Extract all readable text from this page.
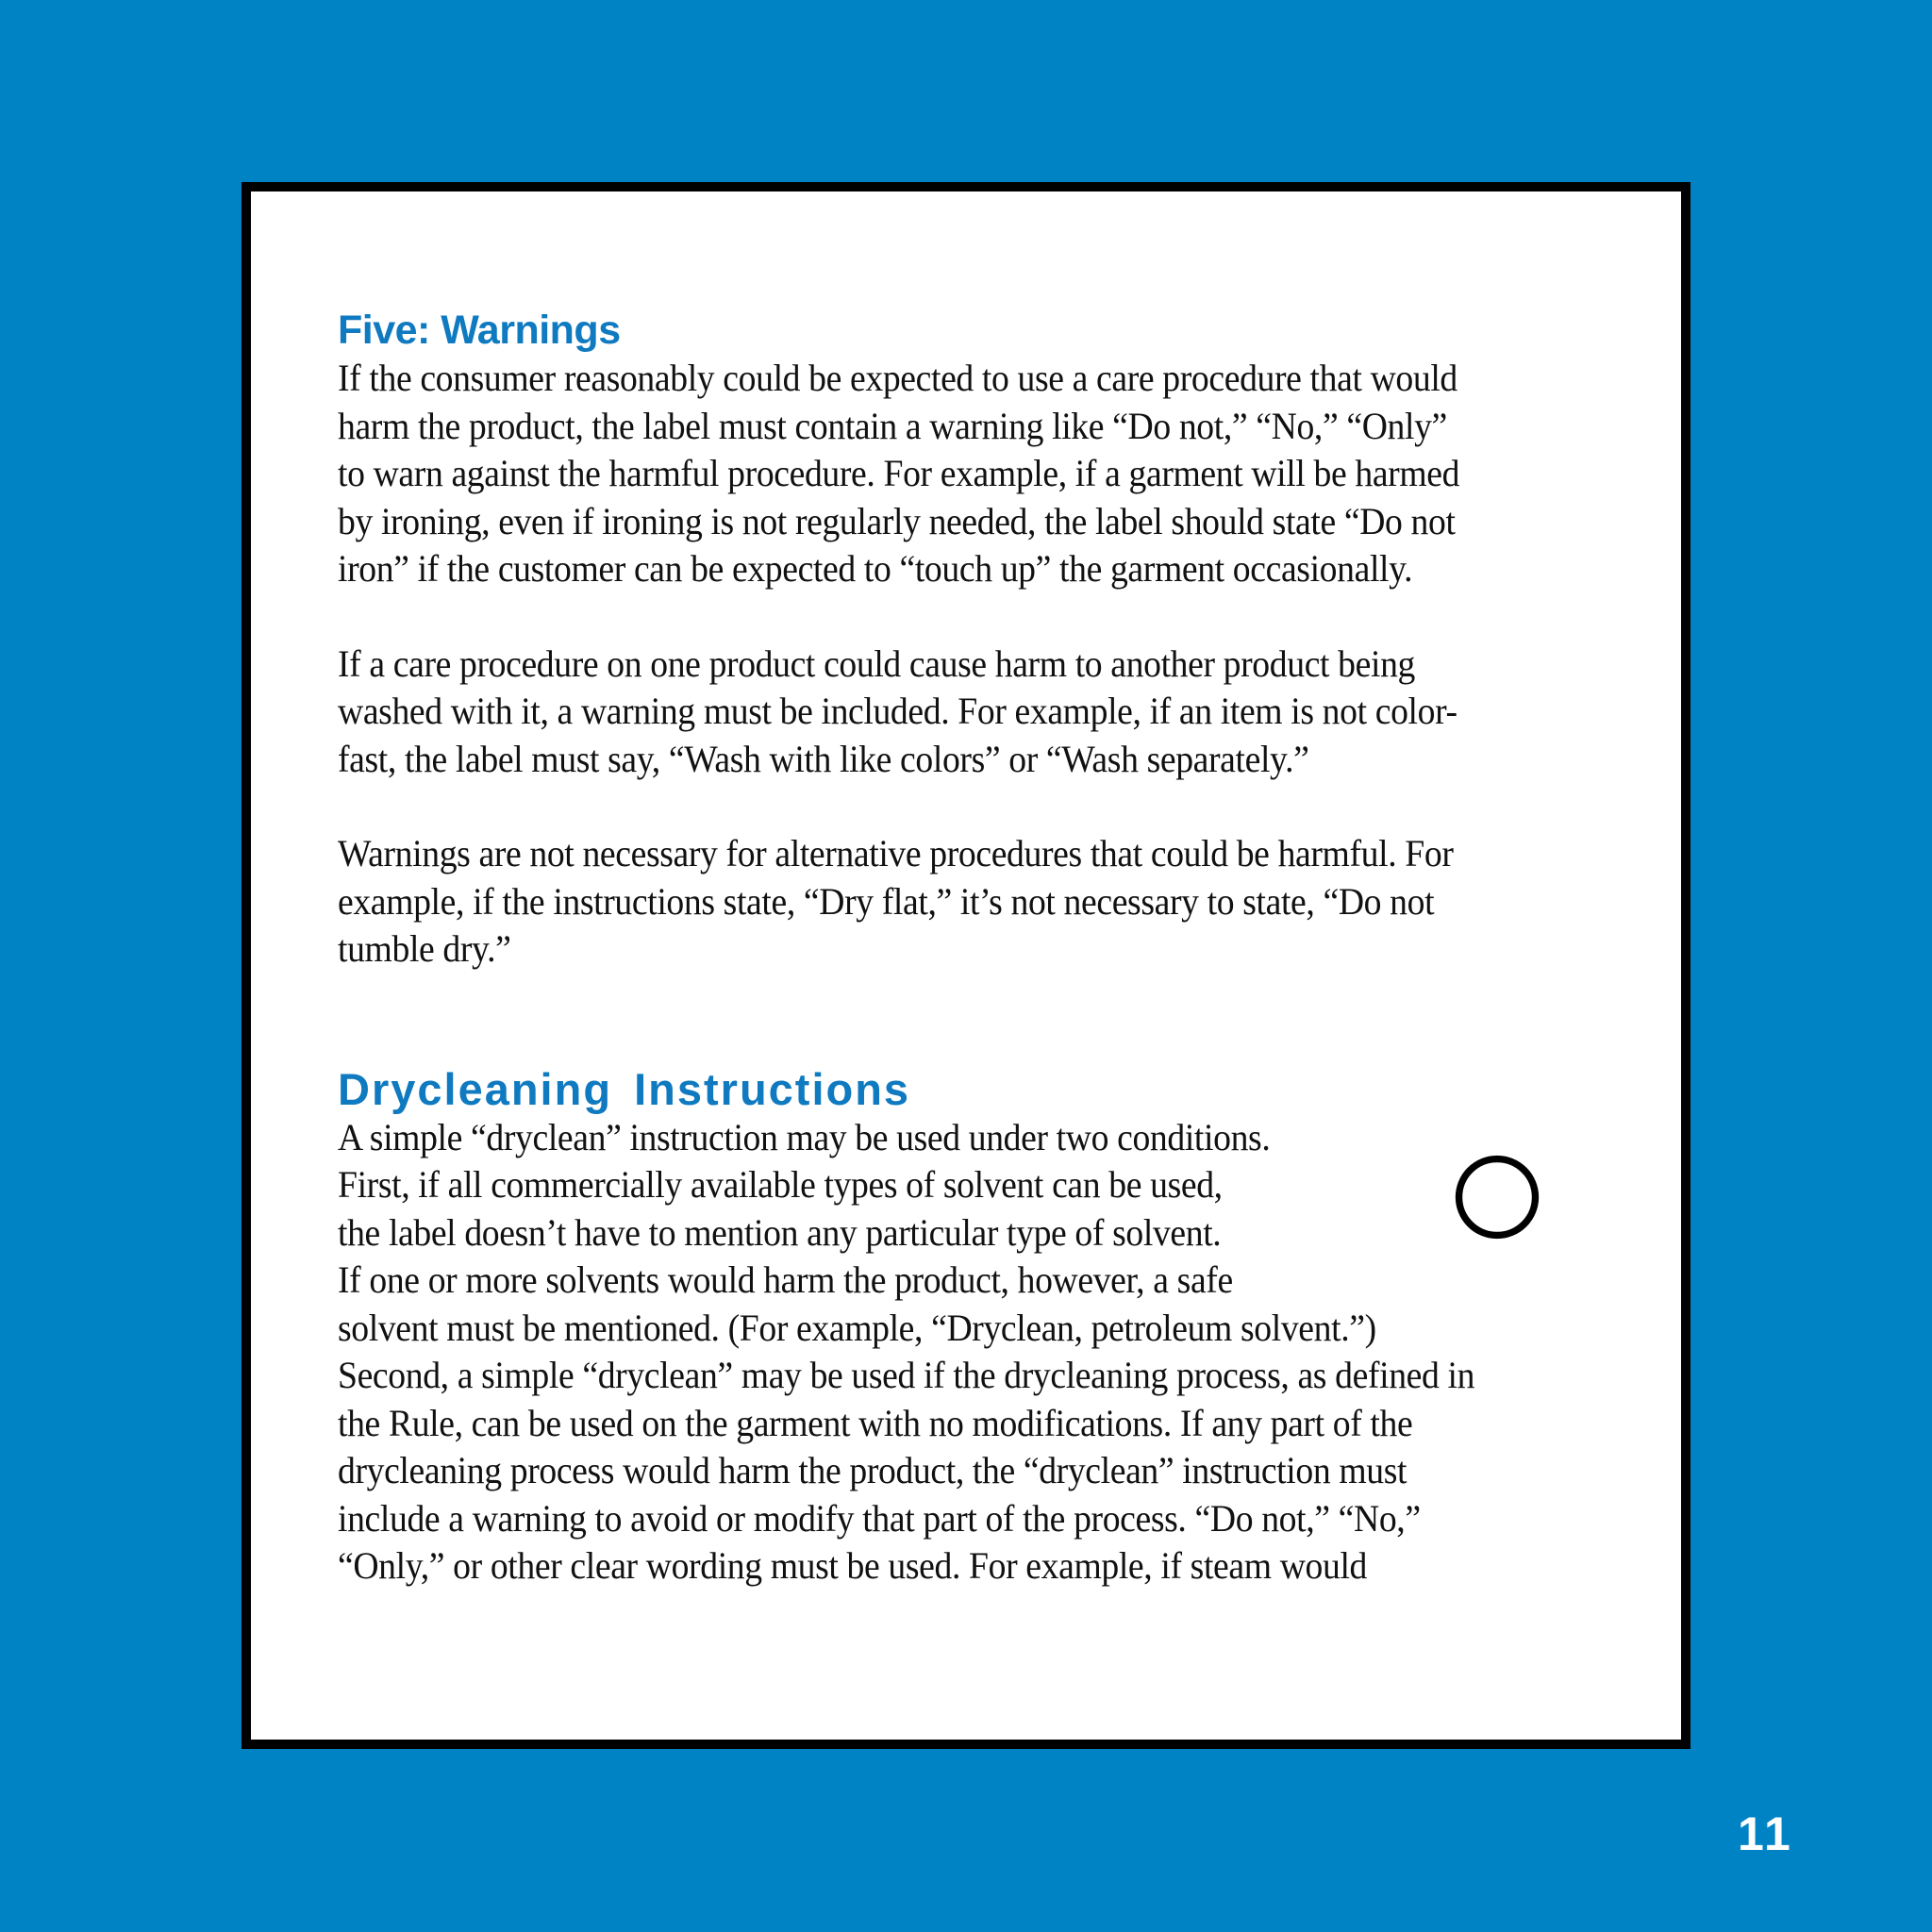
Five: Warnings

If the consumer reasonably could be expected to use a care procedure that would
harm the product, the label must contain a warning like “Do not,” “No,” “Only”
to warn against the harmful procedure. For example, if a garment will be harmed
by ironing, even if ironing is not regularly needed, the label should state “Do not
iron” if the customer can be expected to “touch up” the garment occasionally.

If a care procedure on one product could cause harm to another product being
washed with it, a warning must be included. For example, if an item is not color-
fast, the label must say, “Wash with like colors” or “Wash separately.”

Warnings are not necessary for alternative procedures that could be harmful. For
example, if the instructions state, “Dry flat,” it’s not necessary to state, “Do not
tumble dry.”

Drycleaning Instructions

A simple “dryclean” instruction may be used under two conditions.
First, if all commercially available types of solvent can be used,
the label doesn’t have to mention any particular type of solvent.
If one or more solvents would harm the product, however, a safe
solvent must be mentioned. (For example, “Dryclean, petroleum solvent.”)
Second, a simple “dryclean” may be used if the drycleaning process, as defined in
the Rule, can be used on the garment with no modifications. If any part of the
drycleaning process would harm the product, the “dryclean” instruction must
include a warning to avoid or modify that part of the process. “Do not,” “No,”
“Only,” or other clear wording must be used. For example, if steam would

11
